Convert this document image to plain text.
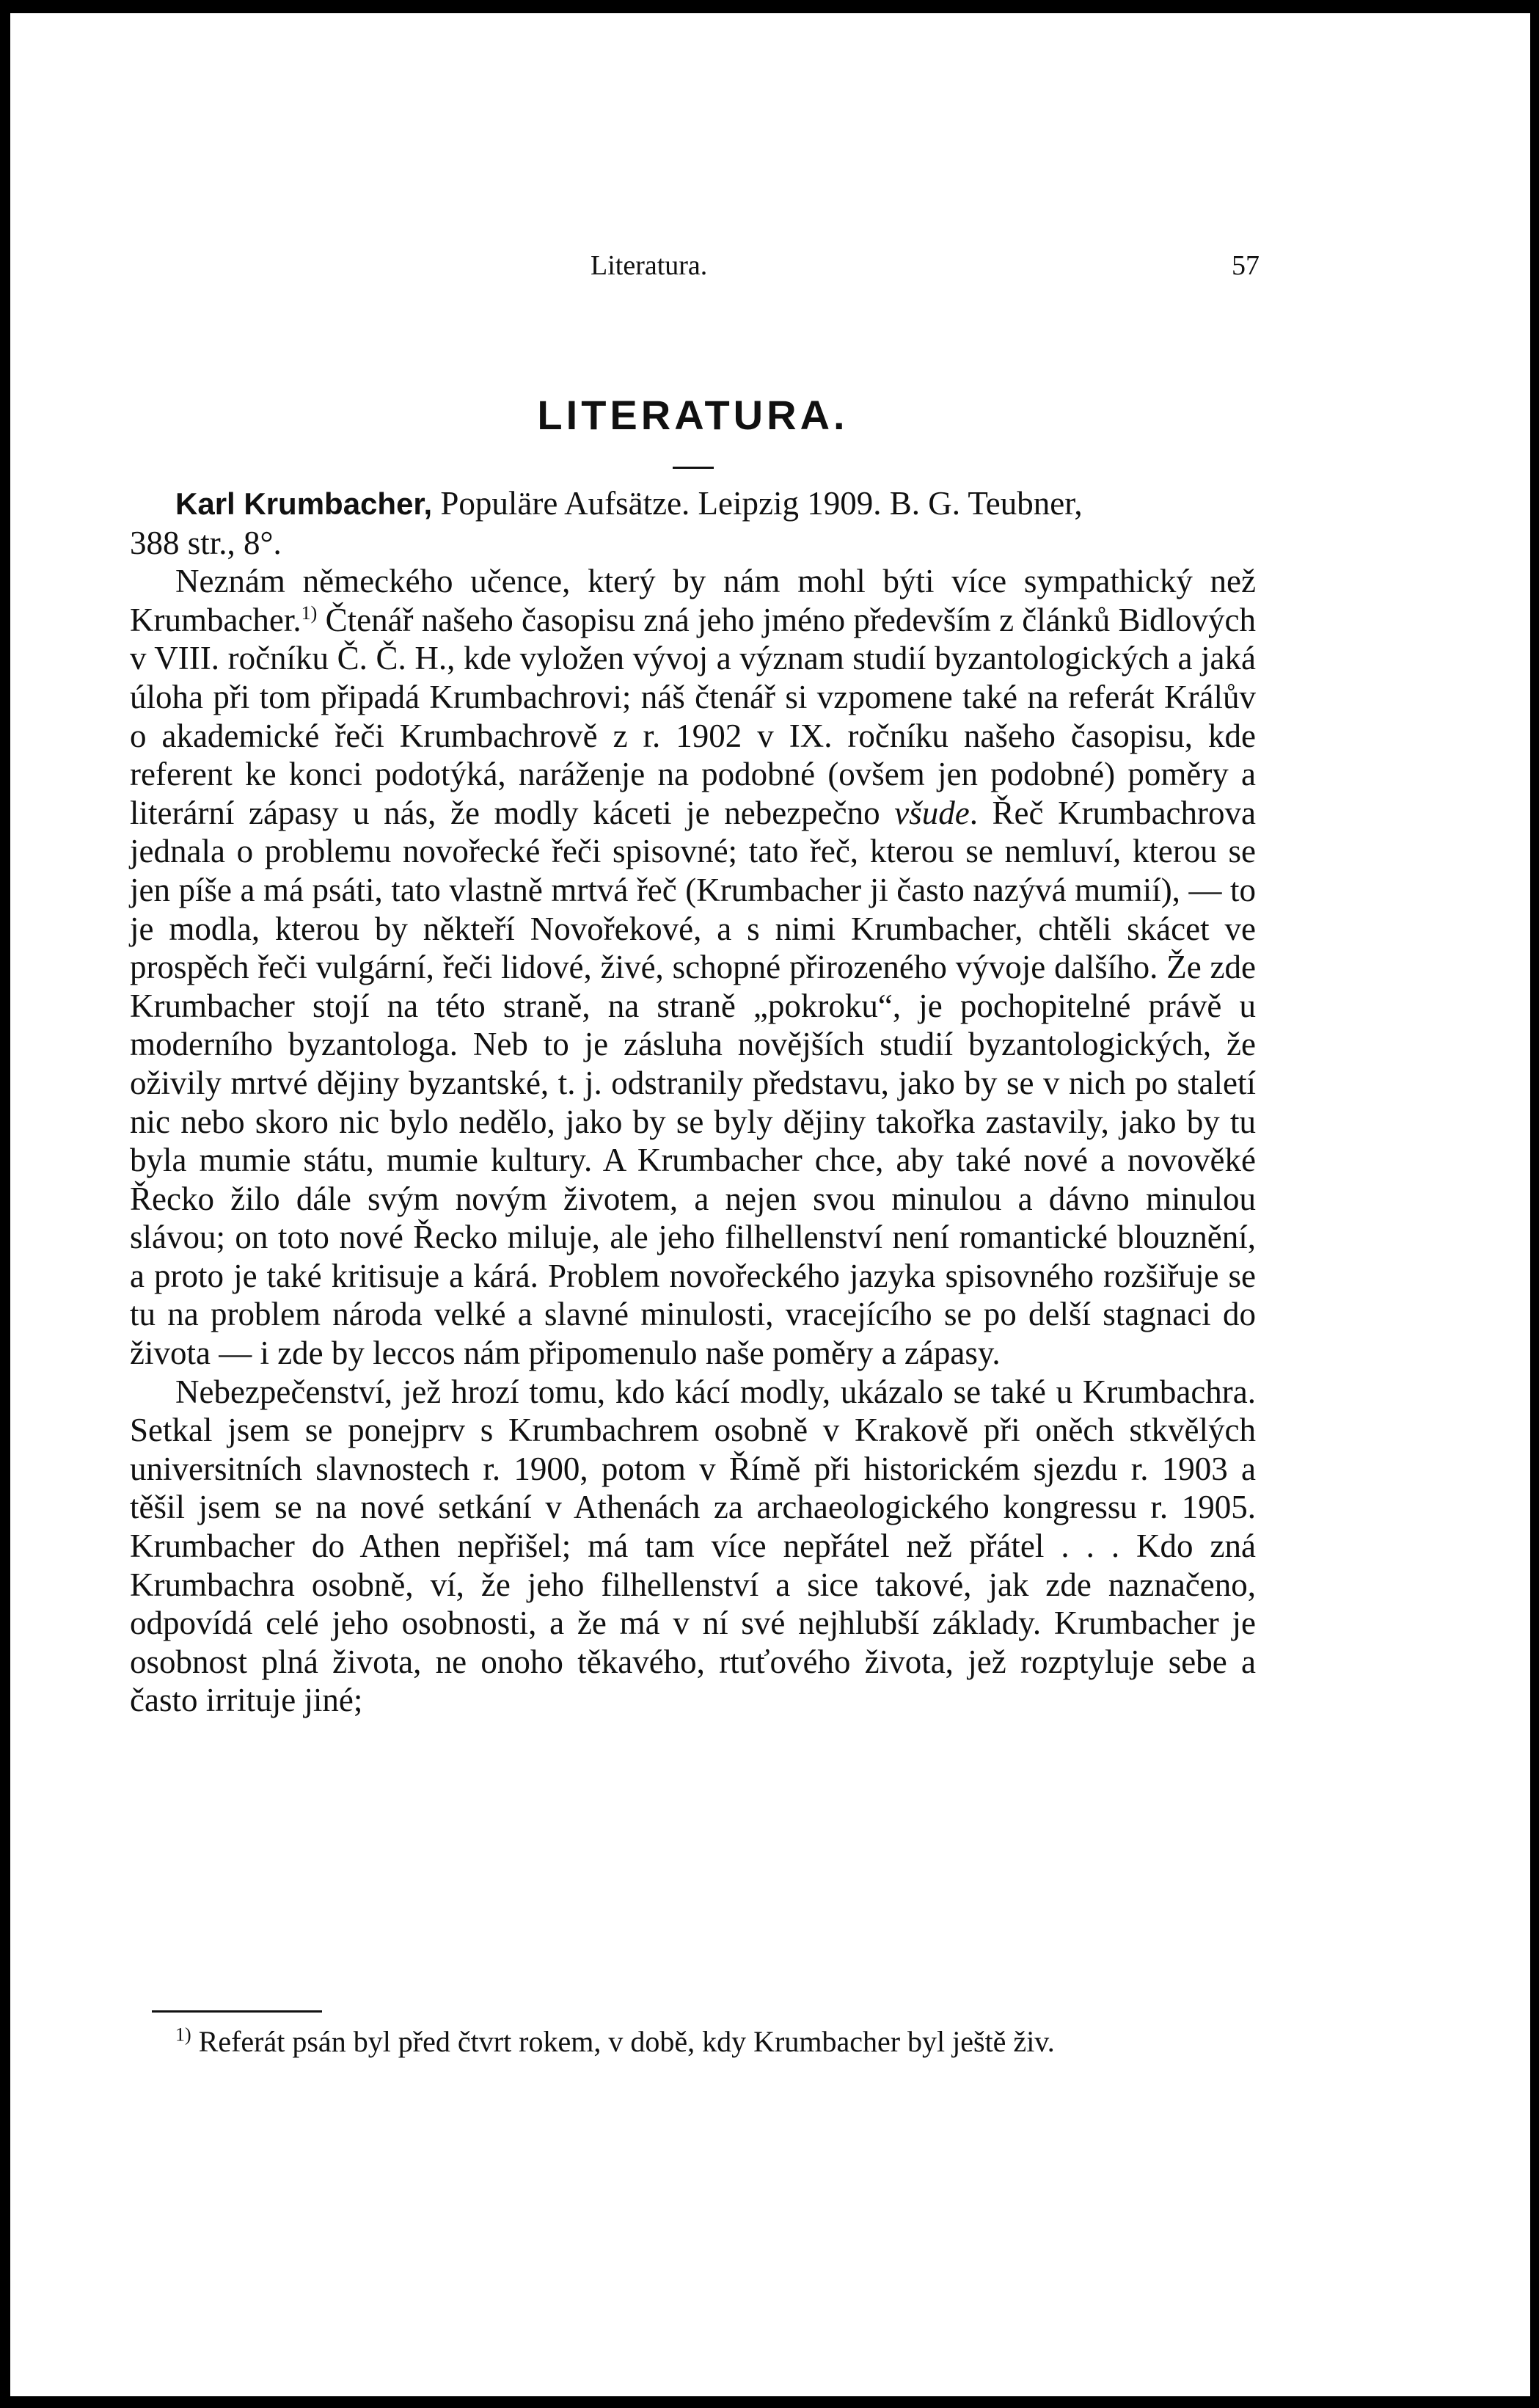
Literatura.	57
LITERATURA.

Karl Krumbacher, Populäre Aufsätze. Leipzig 1909. B. G. Teubner,

388 str., 8°.

Neznám německého učence, který by nám mohl býti více sympathický než Krumbacher.$^{1)}$ Čtenář našeho časopisu zná jeho jméno především z článků Bidlových v VIII. ročníku Č. Č. H., kde vyložen vývoj a význam studií byzantologických a jaká úloha při tom připadá Krumbachrovi; náš čtenář si vzpomene také na referát Králův o akademické řeči Krumbachrově z r. 1902 v IX. ročníku našeho časopisu, kde referent ke konci podotýká, naráženje na podobné (ovšem jen podobné) poměry a literární zápasy u nás, že modly káceti je nebezpečno všude. Řeč Krumbachrova jednala o problemu novořecké řeči spisovné; tato řeč, kterou se nemluví, kterou se jen píše a má psáti, tato vlastně mrtvá řeč (Krumbacher ji často nazývá mumií), — to je modla, kterou by někteří Novořekové, a s nimi Krumbacher, chtěli skácet ve prospěch řeči vulgární, řeči lidové, živé, schopné přirozeného vývoje dalšího. Že zde Krumbacher stojí na této straně, na straně „pokroku“, je pochopitelné právě u moderního byzantologa. Neb to je zásluha novějších studií byzantologických, že oživily mrtvé dějiny byzantské, t. j. odstranily představu, jako by se v nich po staletí nic nebo skoro nic bylo nedělo, jako by se byly dějiny takořka zastavily, jako by tu byla mumie státu, mumie kultury. A Krumbacher chce, aby také nové a novověké Řecko žilo dále svým novým životem, a nejen svou minulou a dávno minulou slávou; on toto nové Řecko miluje, ale jeho filhellenství není romantické blouznění, a proto je také kritisuje a kárá. Problem novořeckého jazyka spisovného rozšiřuje se tu na problem národa velké a slavné minulosti, vracejícího se po delší stagnaci do života — i zde by leccos nám připomenulo naše poměry a zápasy.

Nebezpečenství, jež hrozí tomu, kdo kácí modly, ukázalo se také u Krumbachra. Setkal jsem se ponejprv s Krumbachrem osobně v Krakově při oněch stkvělých universitních slavnostech r. 1900, potom v Římě při historickém sjezdu r. 1903 a těšil jsem se na nové setkání v Athenách za archaeologického kongressu r. 1905. Krumbacher do Athen nepřišel; má tam více nepřátel než přátel . . . Kdo zná Krumbachra osobně, ví, že jeho filhellenství a sice takové, jak zde naznačeno, odpovídá celé jeho osobnosti, a že má v ní své nejhlubší základy. Krumbacher je osobnost plná života, ne onoho těkavého, rtuťového života, jež rozptyluje sebe a často irrituje jiné;

$^{1)}$ Referát psán byl před čtvrt rokem, v době, kdy Krumbacher byl ještě živ.
